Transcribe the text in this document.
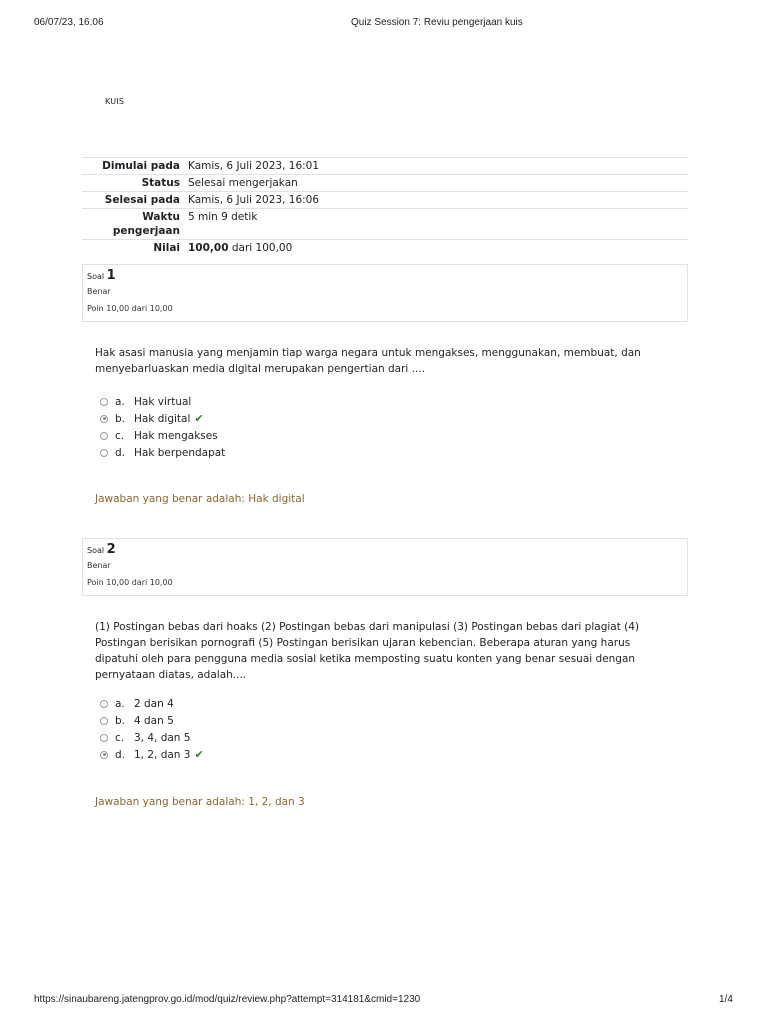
06/07/23, 16.06	Quiz Session 7: Reviu pengerjaan kuis
KUIS
Dimulai pada	Kamis, 6 Juli 2023, 16:01
Status	Selesai mengerjakan
Selesai pada	Kamis, 6 Juli 2023, 16:06
Waktu pengerjaan	5 min 9 detik
Nilai	100,00 dari 100,00
Soal 1
Benar
Poin 10,00 dari 10,00
Hak asasi manusia yang menjamin tiap warga negara untuk mengakses, menggunakan, membuat, dan menyebarluaskan media digital merupakan pengertian dari ....
a. Hak virtual
b. Hak digital ✔
c. Hak mengakses
d. Hak berpendapat
Jawaban yang benar adalah: Hak digital
Soal 2
Benar
Poin 10,00 dari 10,00
(1) Postingan bebas dari hoaks (2) Postingan bebas dari manipulasi (3) Postingan bebas dari plagiat (4) Postingan berisikan pornografi (5) Postingan berisikan ujaran kebencian. Beberapa aturan yang harus dipatuhi oleh para pengguna media sosial ketika memposting suatu konten yang benar sesuai dengan pernyataan diatas, adalah....
a. 2 dan 4
b. 4 dan 5
c. 3, 4, dan 5
d. 1, 2, dan 3 ✔
Jawaban yang benar adalah: 1, 2, dan 3
https://sinaubareng.jatengprov.go.id/mod/quiz/review.php?attempt=314181&cmid=1230	1/4
